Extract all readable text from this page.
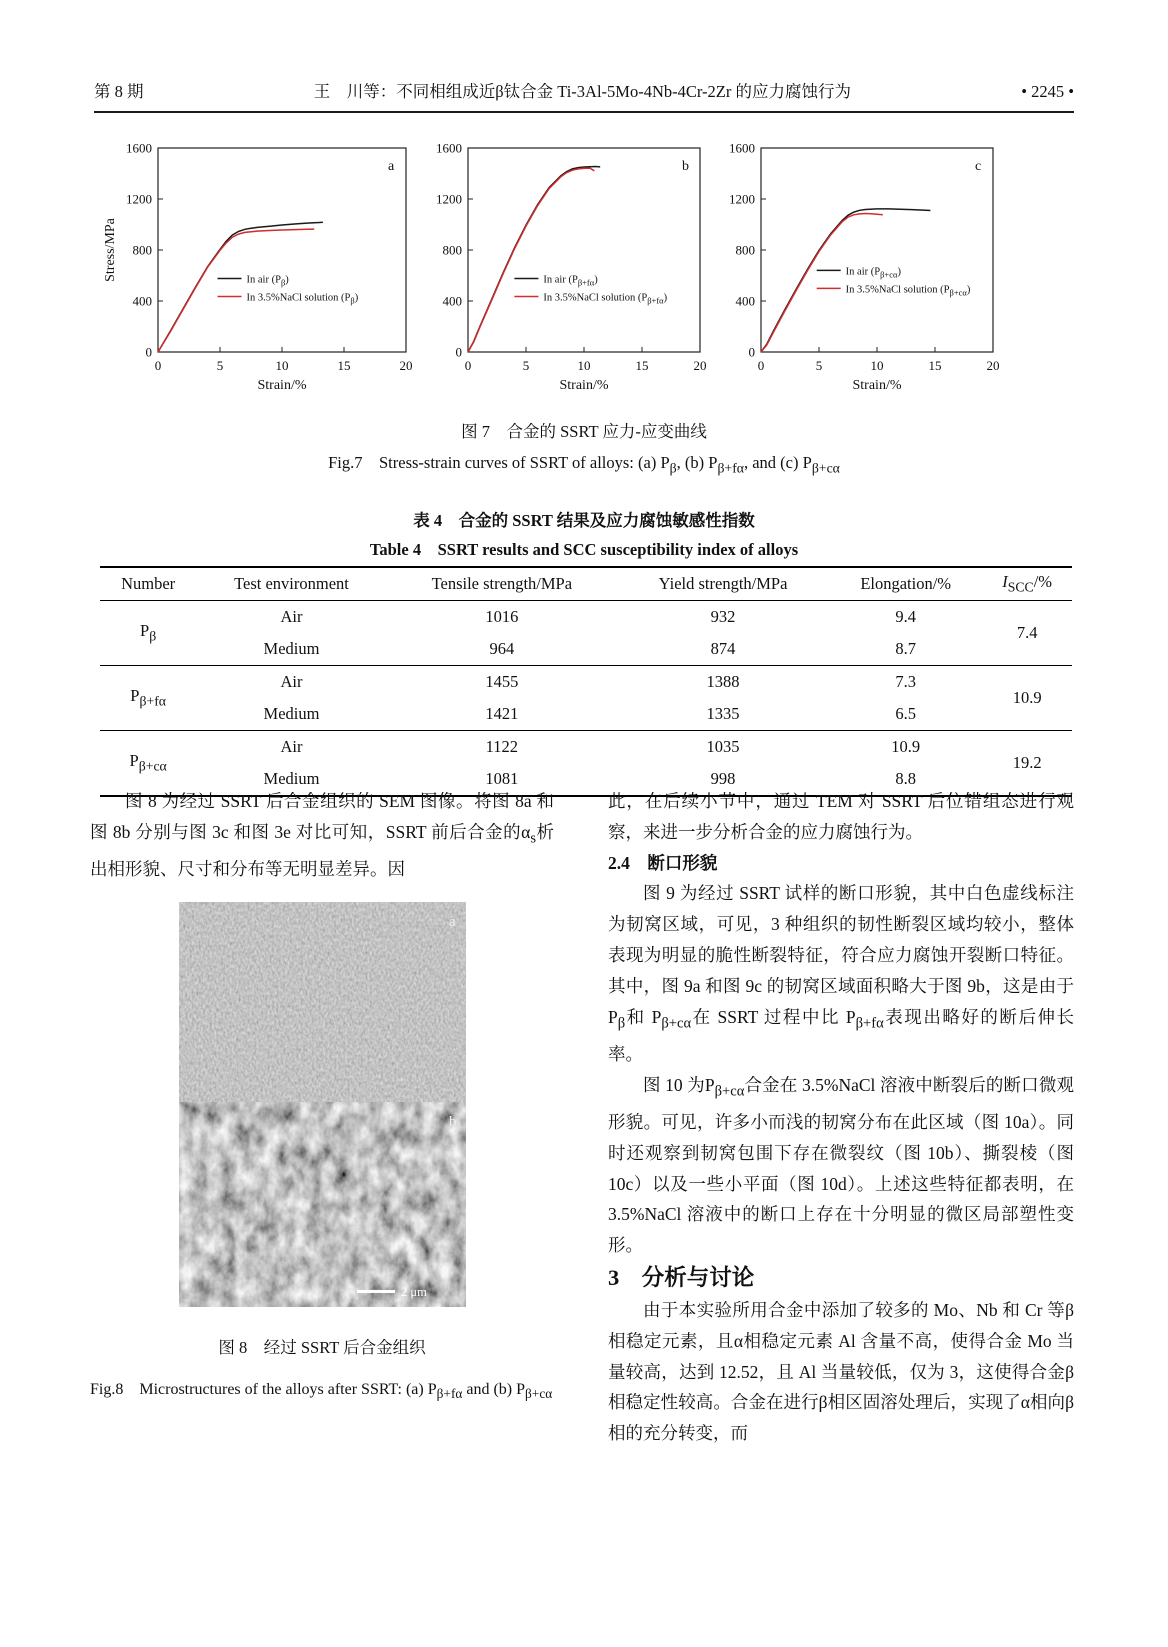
第 8 期	王　川等：不同相组成近β钛合金 Ti-3Al-5Mo-4Nb-4Cr-2Zr 的应力腐蚀行为	• 2245 •
0
400
800
1200
1600
0	5	10	15	20
Strain/%
Stress/MPa
a
In air $(P_\beta)$
In 3.5%NaCl solution $(P_\beta)$
0
400
800
1200
1600
0	5	10	15	20
Strain/%
b
In air $(P_{\beta+f\alpha})$
In 3.5%NaCl solution $(P_{\beta+f\alpha})$
0
400
800
1200
1600
0	5	10	15	20
Strain/%
c
In air $(P_{\beta+c\alpha})$
In 3.5%NaCl solution $(P_{\beta+c\alpha})$
图 7　合金的 SSRT 应力-应变曲线
Fig.7　Stress-strain curves of SSRT of alloys: (a) $P_\beta$, (b) $P_{\beta+f\alpha}$, and (c) $P_{\beta+c\alpha}$
表 4　合金的 SSRT 结果及应力腐蚀敏感性指数
Table 4　SSRT results and SCC susceptibility index of alloys
Number	Test environment	Tensile strength/MPa	Yield strength/MPa	Elongation/%	$I_{SCC}/\%$
$P_\beta$	Air	1016	932	9.4	7.4
	Medium	964	874	8.7	
$P_{\beta+f\alpha}$	Air	1455	1388	7.3	10.9
	Medium	1421	1335	6.5	
$P_{\beta+c\alpha}$	Air	1122	1035	10.9	19.2
	Medium	1081	998	8.8	

图 8 为经过 SSRT 后合金组织的 SEM 图像。将图 8a 和图 8b 分别与图 3c 和图 3e 对比可知，SSRT 前后合金的$\alpha_s$析出相形貌、尺寸和分布等无明显差异。因

a
b
2 μm
图 8　经过 SSRT 后合金组织
Fig.8　Microstructures of the alloys after SSRT: (a) $P_{\beta+f\alpha}$ and (b) $P_{\beta+c\alpha}$

此，在后续小节中，通过 TEM 对 SSRT 后位错组态进行观察，来进一步分析合金的应力腐蚀行为。

2.4　断口形貌

图 9 为经过 SSRT 试样的断口形貌，其中白色虚线标注为韧窝区域，可见，3 种组织的韧性断裂区域均较小，整体表现为明显的脆性断裂特征，符合应力腐蚀开裂断口特征。其中，图 9a 和图 9c 的韧窝区域面积略大于图 9b，这是由于 $P_\beta$和 $P_{\beta+c\alpha}$在 SSRT 过程中比 $P_{\beta+f\alpha}$表现出略好的断后伸长率。

图 10 为$P_{\beta+c\alpha}$合金在 3.5%NaCl 溶液中断裂后的断口微观形貌。可见，许多小而浅的韧窝分布在此区域（图 10a）。同时还观察到韧窝包围下存在微裂纹（图 10b）、撕裂棱（图 10c）以及一些小平面（图 10d）。上述这些特征都表明，在 3.5%NaCl 溶液中的断口上存在十分明显的微区局部塑性变形。

3　分析与讨论

由于本实验所用合金中添加了较多的 Mo、Nb 和 Cr 等β相稳定元素，且α相稳定元素 Al 含量不高，使得合金 Mo 当量较高，达到 12.52，且 Al 当量较低，仅为 3，这使得合金β相稳定性较高。合金在进行β相区固溶处理后，实现了α相向β相的充分转变，而
